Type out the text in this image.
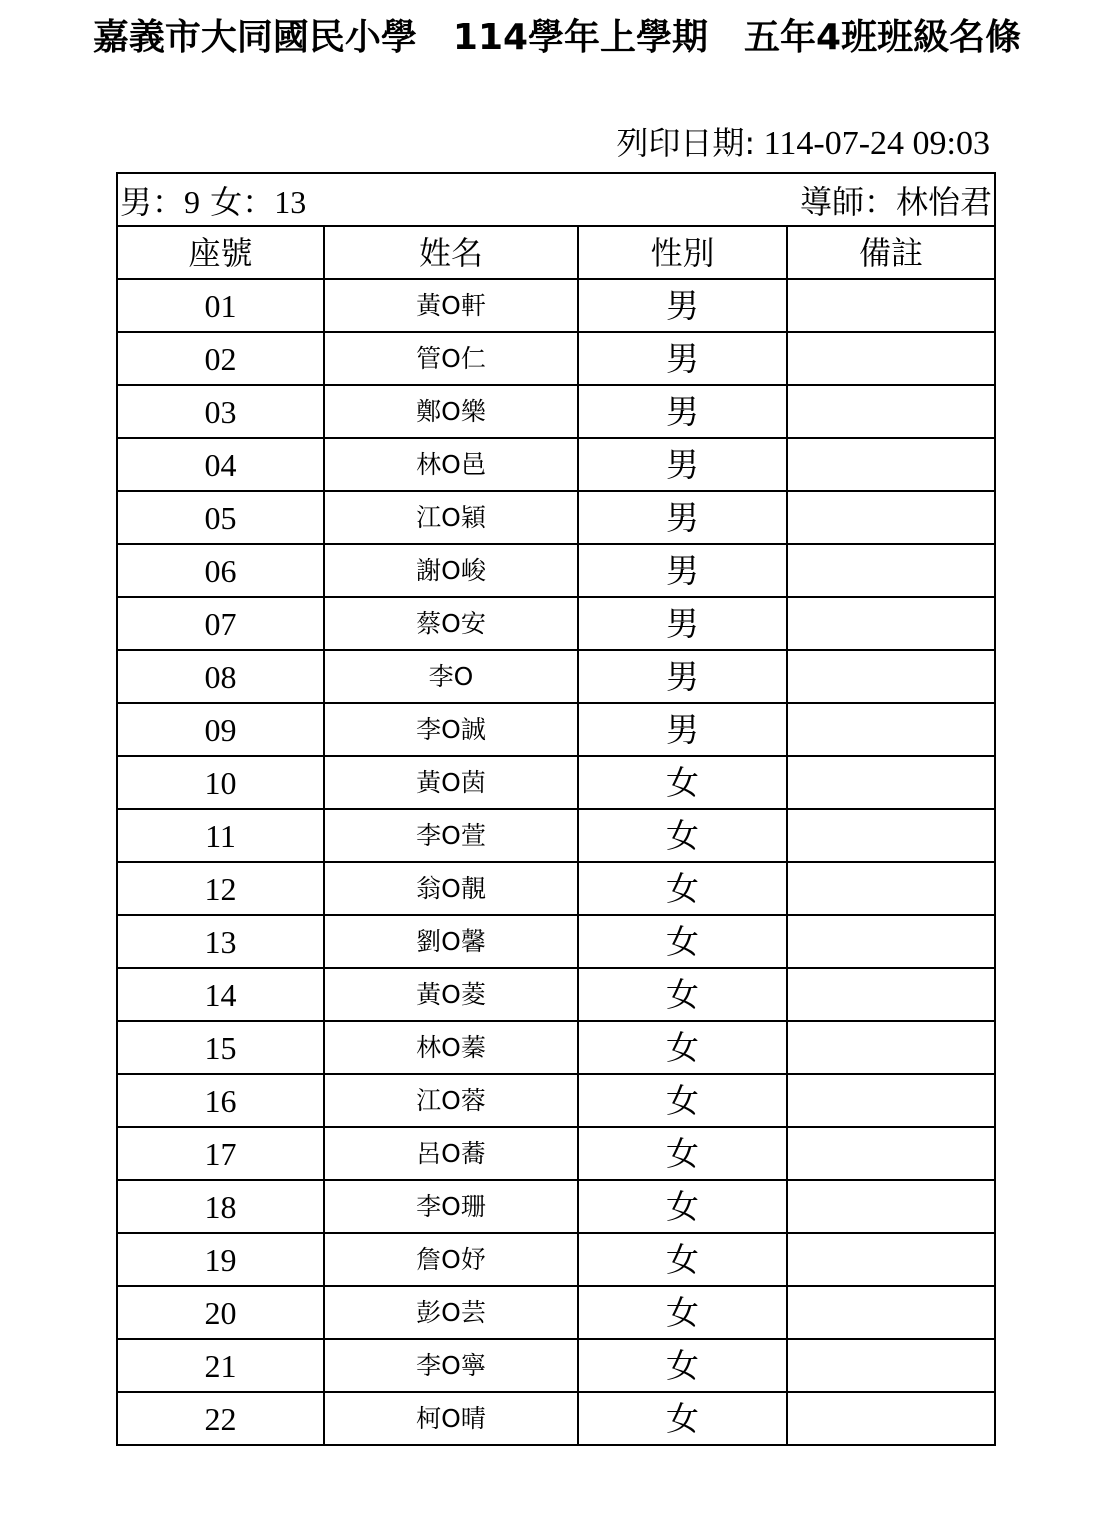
嘉義市大同國民小學　114學年上學期　五年4班班級名條
列印日期: 114-07-24 09:03
男：9 女：13 導師：林怡君			

座號	姓名	性別	備註
01	黃O軒	男	
02	管O仁	男	
03	鄭O樂	男	
04	林O邑	男	
05	江O穎	男	
06	謝O峻	男	
07	蔡O安	男	
08	李O	男	
09	李O誠	男	
10	黃O茵	女	
11	李O萱	女	
12	翁O靚	女	
13	劉O馨	女	
14	黃O菱	女	
15	林O蓁	女	
16	江O蓉	女	
17	呂O蕎	女	
18	李O珊	女	
19	詹O妤	女	
20	彭O芸	女	
21	李O寧	女	
22	柯O晴	女	
